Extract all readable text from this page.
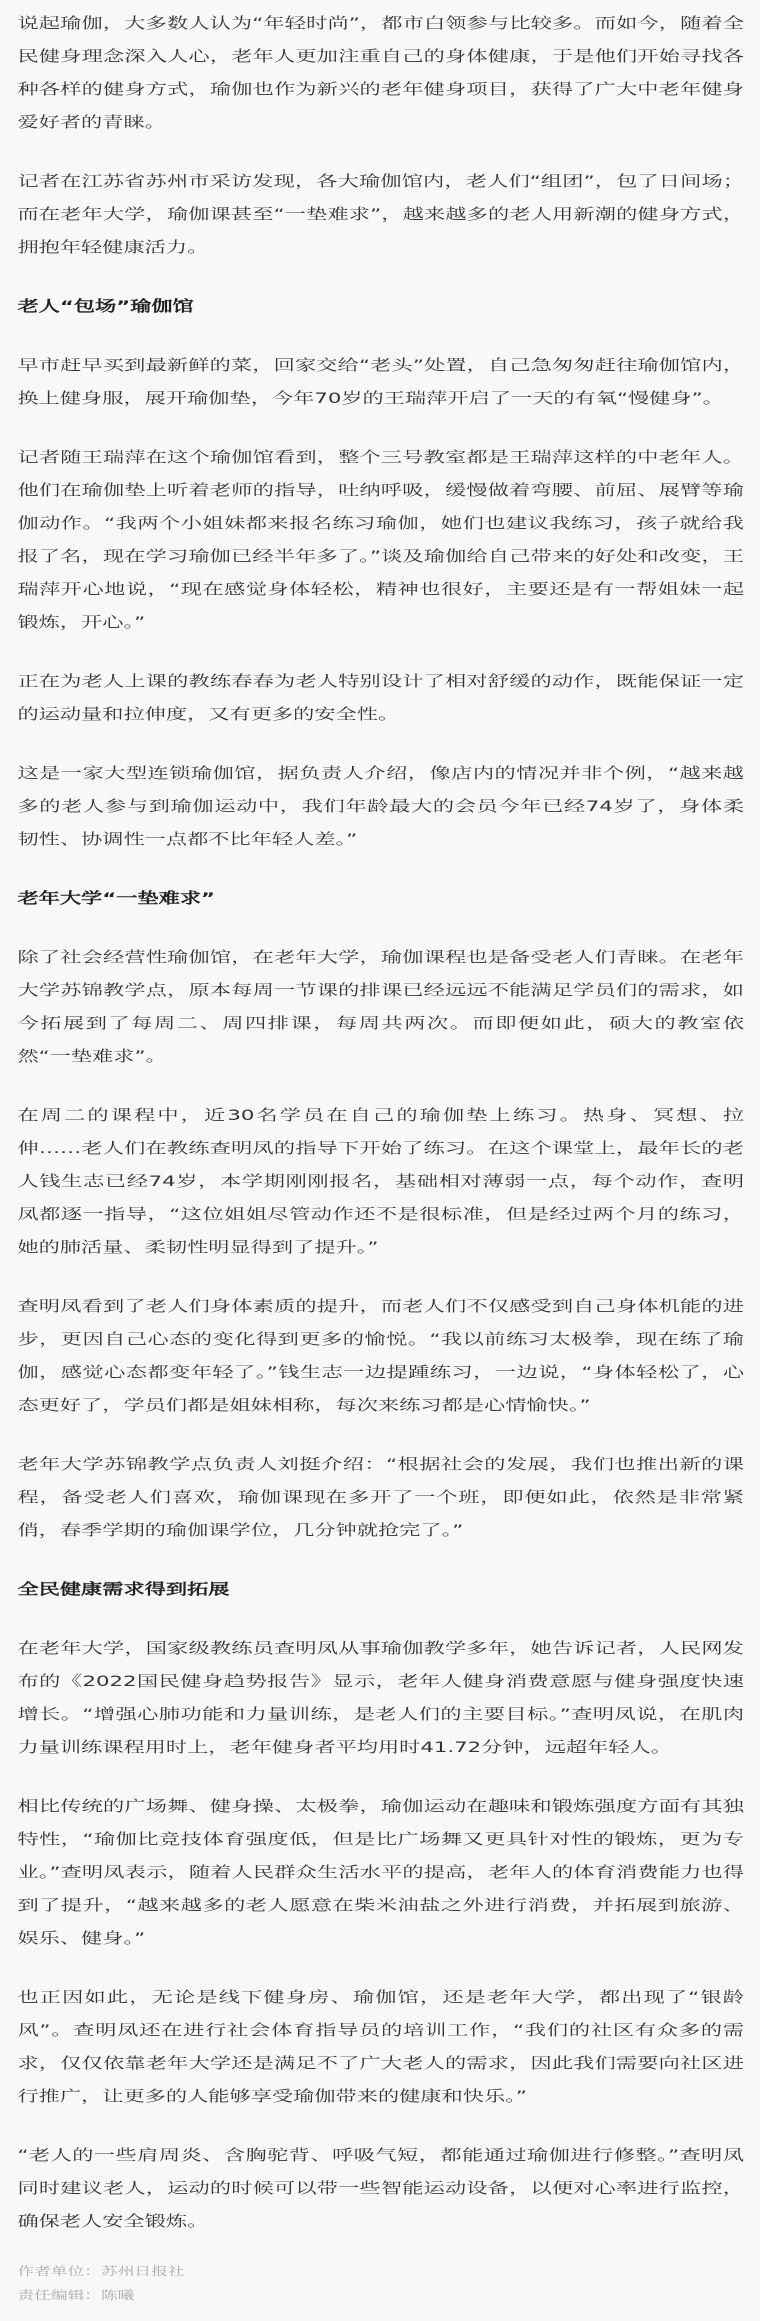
说起瑜伽，大多数人认为“年轻时尚”，都市白领参与比较多。而如今，随着全民健身理念深入人心，老年人更加注重自己的身体健康，于是他们开始寻找各种各样的健身方式，瑜伽也作为新兴的老年健身项目，获得了广大中老年健身爱好者的青睐。

记者在江苏省苏州市采访发现，各大瑜伽馆内，老人们“组团”，包了日间场；而在老年大学，瑜伽课甚至“一垫难求”，越来越多的老人用新潮的健身方式，拥抱年轻健康活力。

老人“包场”瑜伽馆

早市赶早买到最新鲜的菜，回家交给“老头”处置，自己急匆匆赶往瑜伽馆内，换上健身服，展开瑜伽垫，今年70岁的王瑞萍开启了一天的有氧“慢健身”。

记者随王瑞萍在这个瑜伽馆看到，整个三号教室都是王瑞萍这样的中老年人。他们在瑜伽垫上听着老师的指导，吐纳呼吸，缓慢做着弯腰、前屈、展臂等瑜伽动作。“我两个小姐妹都来报名练习瑜伽，她们也建议我练习，孩子就给我报了名，现在学习瑜伽已经半年多了。”谈及瑜伽给自己带来的好处和改变，王瑞萍开心地说，“现在感觉身体轻松，精神也很好，主要还是有一帮姐妹一起锻炼，开心。”

正在为老人上课的教练春春为老人特别设计了相对舒缓的动作，既能保证一定的运动量和拉伸度，又有更多的安全性。

这是一家大型连锁瑜伽馆，据负责人介绍，像店内的情况并非个例，“越来越多的老人参与到瑜伽运动中，我们年龄最大的会员今年已经74岁了，身体柔韧性、协调性一点都不比年轻人差。”

老年大学“一垫难求”

除了社会经营性瑜伽馆，在老年大学，瑜伽课程也是备受老人们青睐。在老年大学苏锦教学点，原本每周一节课的排课已经远远不能满足学员们的需求，如今拓展到了每周二、周四排课，每周共两次。而即便如此，硕大的教室依然“一垫难求”。

在周二的课程中，近30名学员在自己的瑜伽垫上练习。热身、冥想、拉伸……老人们在教练查明凤的指导下开始了练习。在这个课堂上，最年长的老人钱生志已经74岁，本学期刚刚报名，基础相对薄弱一点，每个动作，查明凤都逐一指导，“这位姐姐尽管动作还不是很标准，但是经过两个月的练习，她的肺活量、柔韧性明显得到了提升。”

查明凤看到了老人们身体素质的提升，而老人们不仅感受到自己身体机能的进步，更因自己心态的变化得到更多的愉悦。“我以前练习太极拳，现在练了瑜伽，感觉心态都变年轻了。”钱生志一边提踵练习，一边说，“身体轻松了，心态更好了，学员们都是姐妹相称，每次来练习都是心情愉快。”

老年大学苏锦教学点负责人刘挺介绍：“根据社会的发展，我们也推出新的课程，备受老人们喜欢，瑜伽课现在多开了一个班，即便如此，依然是非常紧俏，春季学期的瑜伽课学位，几分钟就抢完了。”

全民健康需求得到拓展

在老年大学，国家级教练员查明凤从事瑜伽教学多年，她告诉记者，人民网发布的《2022国民健身趋势报告》显示，老年人健身消费意愿与健身强度快速增长。“增强心肺功能和力量训练，是老人们的主要目标。”查明凤说，在肌肉力量训练课程用时上，老年健身者平均用时41.72分钟，远超年轻人。

相比传统的广场舞、健身操、太极拳，瑜伽运动在趣味和锻炼强度方面有其独特性，“瑜伽比竞技体育强度低，但是比广场舞又更具针对性的锻炼，更为专业。”查明凤表示，随着人民群众生活水平的提高，老年人的体育消费能力也得到了提升，“越来越多的老人愿意在柴米油盐之外进行消费，并拓展到旅游、娱乐、健身。”

也正因如此，无论是线下健身房、瑜伽馆，还是老年大学，都出现了“银龄风”。查明凤还在进行社会体育指导员的培训工作，“我们的社区有众多的需求，仅仅依靠老年大学还是满足不了广大老人的需求，因此我们需要向社区进行推广，让更多的人能够享受瑜伽带来的健康和快乐。”

“老人的一些肩周炎、含胸驼背、呼吸气短，都能通过瑜伽进行修整。”查明凤同时建议老人，运动的时候可以带一些智能运动设备，以便对心率进行监控，确保老人安全锻炼。

作者单位：苏州日报社
责任编辑：陈曦
